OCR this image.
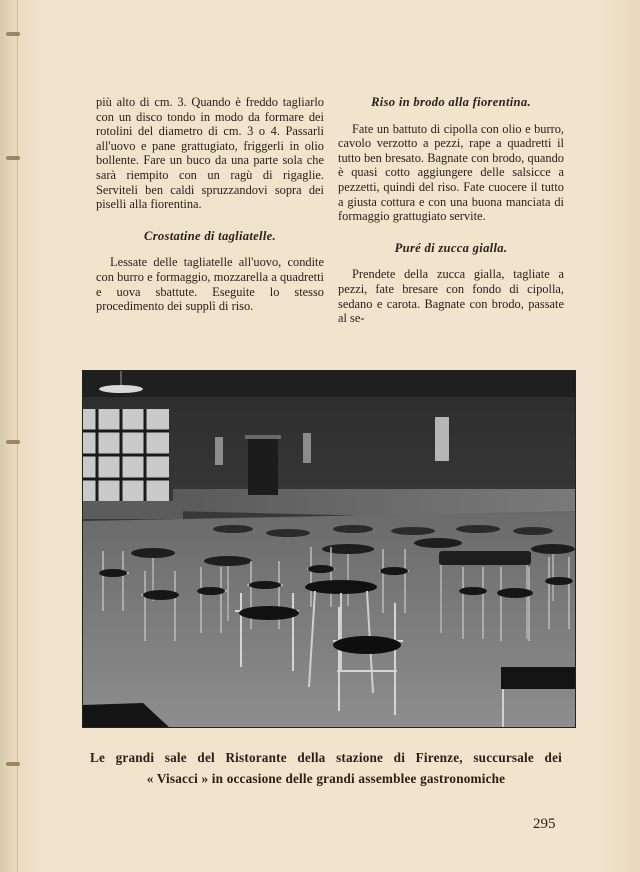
più alto di cm. 3. Quando è freddo tagliarlo con un disco tondo in modo da formare dei rotolini del diametro di cm. 3 o 4. Passarli all'uovo e pane grattugiato, friggerli in olio bollente. Fare un buco da una parte sola che sarà riempito con un ragù di rigaglie. Serviteli ben caldi spruzzandovi sopra dei piselli alla fiorentina.

Crostatine di tagliatelle.

Lessate delle tagliatelle all'uovo, condite con burro e formaggio, mozzarella a quadretti e uova sbattute. Eseguite lo stesso procedimento dei supplì di riso.

Riso in brodo alla fiorentina.

Fate un battuto di cipolla con olio e burro, cavolo verzotto a pezzi, rape a quadretti il tutto ben bresato. Bagnate con brodo, quando è quasi cotto aggiungere delle salsicce a pezzetti, quindi del riso. Fate cuocere il tutto a giusta cottura e con una buona manciata di formaggio grattugiato servite.

Puré di zucca gialla.

Prendete della zucca gialla, tagliate a pezzi, fate bresare con fondo di cipolla, sedano e carota. Bagnate con brodo, passate al se-

Le grandi sale del Ristorante della stazione di Firenze, succursale dei
« Visacci » in occasione delle grandi assemblee gastronomiche
295
